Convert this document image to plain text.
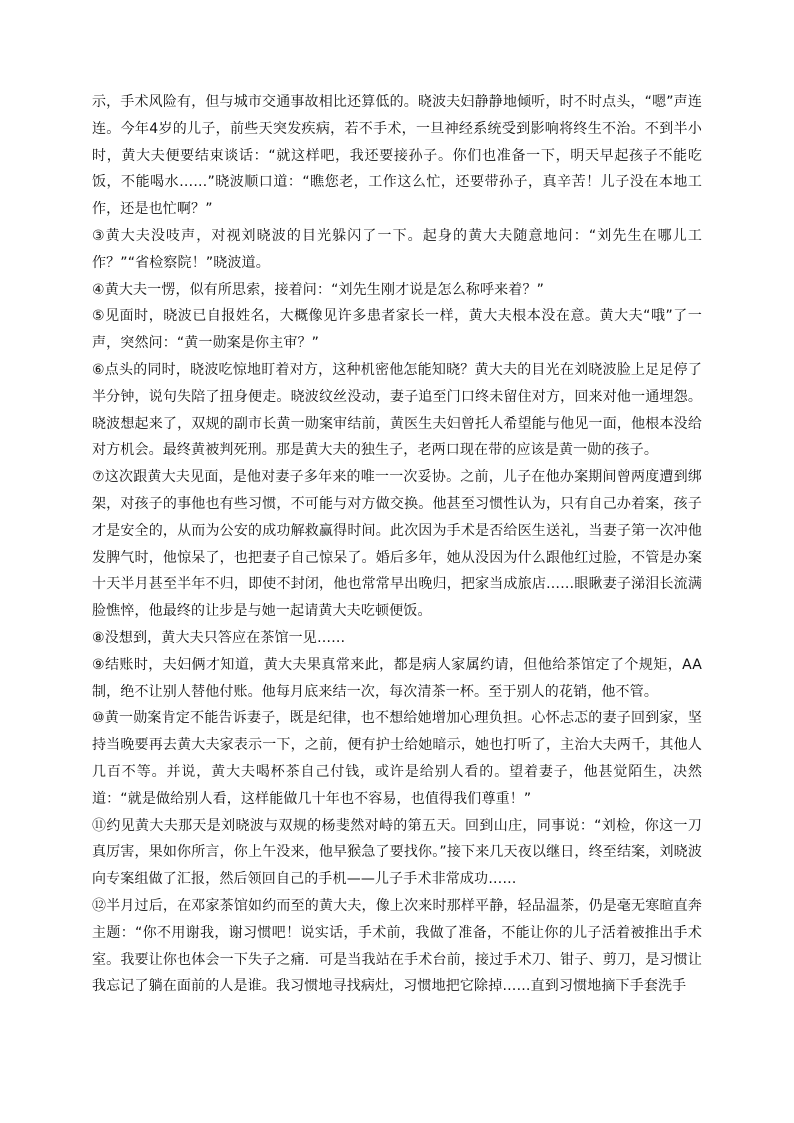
示，手术风险有，但与城市交通事故相比还算低的。晓波夫妇静静地倾听，时不时点头，“嗯”声连连。今年4岁的儿子，前些天突发疾病，若不手术，一旦神经系统受到影响将终生不治。不到半小时，黄大夫便要结束谈话：“就这样吧，我还要接孙子。你们也准备一下，明天早起孩子不能吃饭，不能喝水……”晓波顺口道：“瞧您老，工作这么忙，还要带孙子，真辛苦！儿子没在本地工作，还是也忙啊？”

③黄大夫没吱声，对视刘晓波的目光躲闪了一下。起身的黄大夫随意地问：“刘先生在哪儿工作？”“省检察院！”晓波道。

④黄大夫一愣，似有所思索，接着问：“刘先生刚才说是怎么称呼来着？”

⑤见面时，晓波已自报姓名，大概像见许多患者家长一样，黄大夫根本没在意。黄大夫“哦”了一声，突然问：“黄一勋案是你主审？”

⑥点头的同时，晓波吃惊地盯着对方，这种机密他怎能知晓？黄大夫的目光在刘晓波脸上足足停了半分钟，说句失陪了扭身便走。晓波纹丝没动，妻子追至门口终未留住对方，回来对他一通埋怨。晓波想起来了，双规的副市长黄一勋案审结前，黄医生夫妇曾托人希望能与他见一面，他根本没给对方机会。最终黄被判死刑。那是黄大夫的独生子，老两口现在带的应该是黄一勋的孩子。

⑦这次跟黄大夫见面，是他对妻子多年来的唯一一次妥协。之前，儿子在他办案期间曾两度遭到绑架，对孩子的事他也有些习惯，不可能与对方做交换。他甚至习惯性认为，只有自己办着案，孩子才是安全的，从而为公安的成功解救赢得时间。此次因为手术是否给医生送礼，当妻子第一次冲他发脾气时，他惊呆了，也把妻子自己惊呆了。婚后多年，她从没因为什么跟他红过脸，不管是办案十天半月甚至半年不归，即使不封闭，他也常常早出晚归，把家当成旅店……眼瞅妻子涕泪长流满脸憔悴，他最终的让步是与她一起请黄大夫吃顿便饭。

⑧没想到，黄大夫只答应在茶馆一见……

⑨结账时，夫妇俩才知道，黄大夫果真常来此，都是病人家属约请，但他给茶馆定了个规矩，AA制，绝不让别人替他付账。他每月底来结一次，每次清茶一杯。至于别人的花销，他不管。

⑩黄一勋案肯定不能告诉妻子，既是纪律，也不想给她增加心理负担。心怀忐忑的妻子回到家，坚持当晚要再去黄大夫家表示一下，之前，便有护士给她暗示，她也打听了，主治大夫两千，其他人几百不等。并说，黄大夫喝杯茶自己付钱，或许是给别人看的。望着妻子，他甚觉陌生，决然道：“就是做给别人看，这样能做几十年也不容易，也值得我们尊重！”

⑪约见黄大夫那天是刘晓波与双规的杨斐然对峙的第五天。回到山庄，同事说：“刘检，你这一刀真厉害，果如你所言，你上午没来，他早猴急了要找你。”接下来几天夜以继日，终至结案，刘晓波向专案组做了汇报，然后领回自己的手机——儿子手术非常成功……

⑫半月过后，在邓家茶馆如约而至的黄大夫，像上次来时那样平静，轻品温茶，仍是毫无寒暄直奔主题：“你不用谢我，谢习惯吧！说实话，手术前，我做了准备，不能让你的儿子活着被推出手术室。我要让你也体会一下失子之痛．可是当我站在手术台前，接过手术刀、钳子、剪刀，是习惯让我忘记了躺在面前的人是谁。我习惯地寻找病灶，习惯地把它除掉……直到习惯地摘下手套洗手
